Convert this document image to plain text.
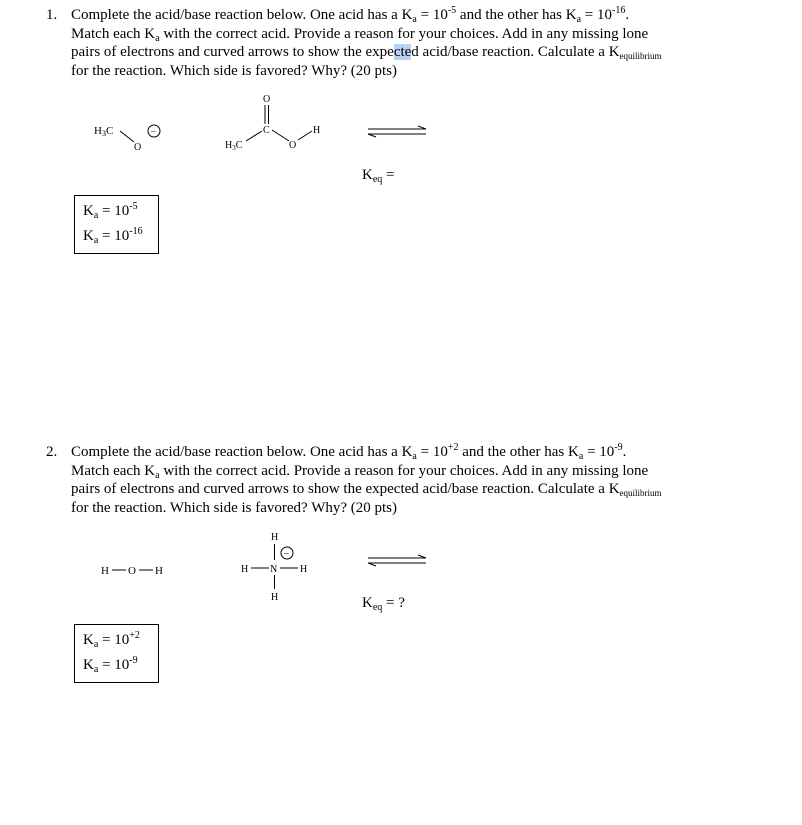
1. Complete the acid/base reaction below. One acid has a $K_a = 10^{-5}$ and the other has $K_a = 10^{-16}$.
Match each $K_a$ with the correct acid. Provide a reason for your choices. Add in any missing lone
pairs of electrons and curved arrows to show the expected acid/base reaction. Calculate a $K_{equilibrium}$
for the reaction. Which side is favored? Why? (20 pts)
H3C
O
−
O
C
$H_3C$	O
H
$K_{eq}$ =
$K_a = 10^{-5}$
$K_a = 10^{-16}$
2. Complete the acid/base reaction below. One acid has a $K_a = 10^{+2}$ and the other has $K_a = 10^{-9}$.
Match each $K_a$ with the correct acid. Provide a reason for your choices. Add in any missing lone
pairs of electrons and curved arrows to show the expected acid/base reaction. Calculate a $K_{equilibrium}$
for the reaction. Which side is favored? Why? (20 pts)
H O H
H
−
H N H
H	$K_{eq}$ = ?
$K_a = 10^{+2}$
$K_a = 10^{-9}$
